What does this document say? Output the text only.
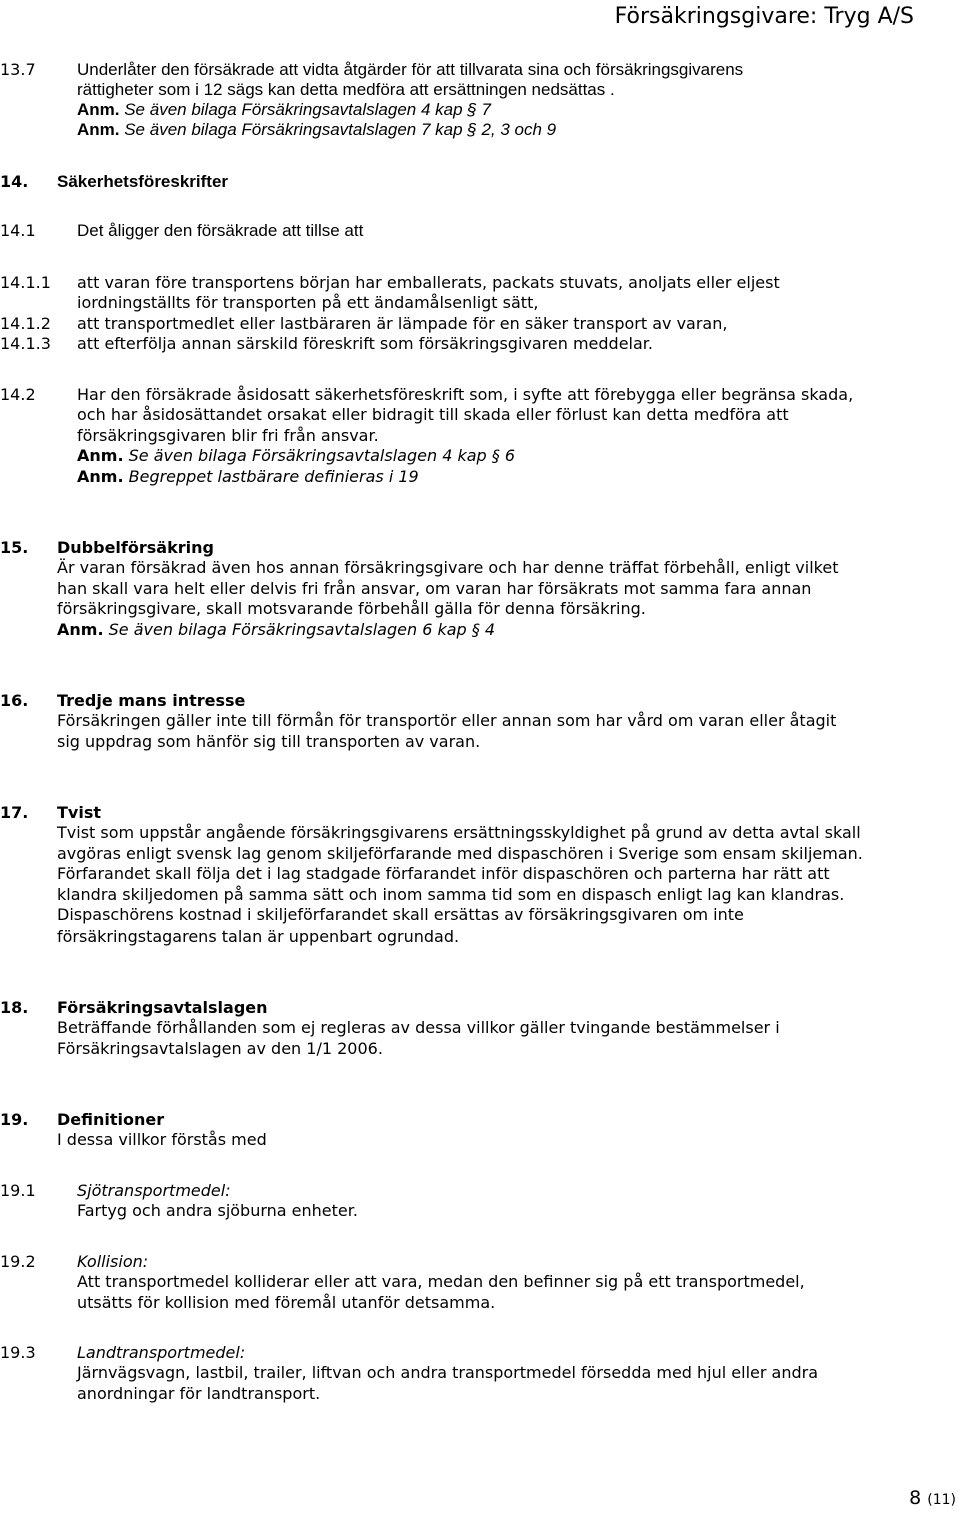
Försäkringsgivare: Tryg A/S
13.7 Underlåter den försäkrade att vidta åtgärder för att tillvarata sina och försäkringsgivarens
rättigheter som i 12 sägs kan detta medföra att ersättningen nedsättas .
Anm. Se även bilaga Försäkringsavtalslagen 4 kap § 7
Anm. Se även bilaga Försäkringsavtalslagen 7 kap § 2, 3 och 9
14. Säkerhetsföreskrifter
14.1 Det åligger den försäkrade att tillse att
14.1.1 att varan före transportens början har emballerats, packats stuvats, anoljats eller eljest
iordningställts för transporten på ett ändamålsenligt sätt,
14.1.2 att transportmedlet eller lastbäraren är lämpade för en säker transport av varan,
14.1.3 att efterfölja annan särskild föreskrift som försäkringsgivaren meddelar.
14.2	Har den försäkrade åsidosatt säkerhetsföreskrift som, i syfte att förebygga eller begränsa skada,
och har åsidosättandet orsakat eller bidragit till skada eller förlust kan detta medföra att
försäkringsgivaren blir fri från ansvar.
Anm. Se även bilaga Försäkringsavtalslagen 4 kap § 6
Anm. Begreppet lastbärare definieras i 19
15. Dubbelförsäkring
Är varan försäkrad även hos annan försäkringsgivare och har denne träffat förbehåll, enligt vilket
han skall vara helt eller delvis fri från ansvar, om varan har försäkrats mot samma fara annan
försäkringsgivare, skall motsvarande förbehåll gälla för denna försäkring.
Anm. Se även bilaga Försäkringsavtalslagen 6 kap § 4
16. Tredje mans intresse
Försäkringen gäller inte till förmån för transportör eller annan som har vård om varan eller åtagit
sig uppdrag som hänför sig till transporten av varan.
17. Tvist
Tvist som uppstår angående försäkringsgivarens ersättningsskyldighet på grund av detta avtal skall
avgöras enligt svensk lag genom skiljeförfarande med dispaschören i Sverige som ensam skiljeman.
Förfarandet skall följa det i lag stadgade förfarandet inför dispaschören och parterna har rätt att
klandra skiljedomen på samma sätt och inom samma tid som en dispasch enligt lag kan klandras.
Dispaschörens kostnad i skiljeförfarandet skall ersättas av försäkringsgivaren om inte
försäkringstagarens talan är uppenbart ogrundad.
18. Försäkringsavtalslagen
Beträffande förhållanden som ej regleras av dessa villkor gäller tvingande bestämmelser i
Försäkringsavtalslagen av den 1/1 2006.
19. Definitioner
I dessa villkor förstås med
19.1	Sjötransportmedel:
Fartyg och andra sjöburna enheter.
19.2	Kollision:
Att transportmedel kolliderar eller att vara, medan den befinner sig på ett transportmedel,
utsätts för kollision med föremål utanför detsamma.
19.3	Landtransportmedel:
Järnvägsvagn, lastbil, trailer, liftvan och andra transportmedel försedda med hjul eller andra
anordningar för landtransport.
8 (11)
